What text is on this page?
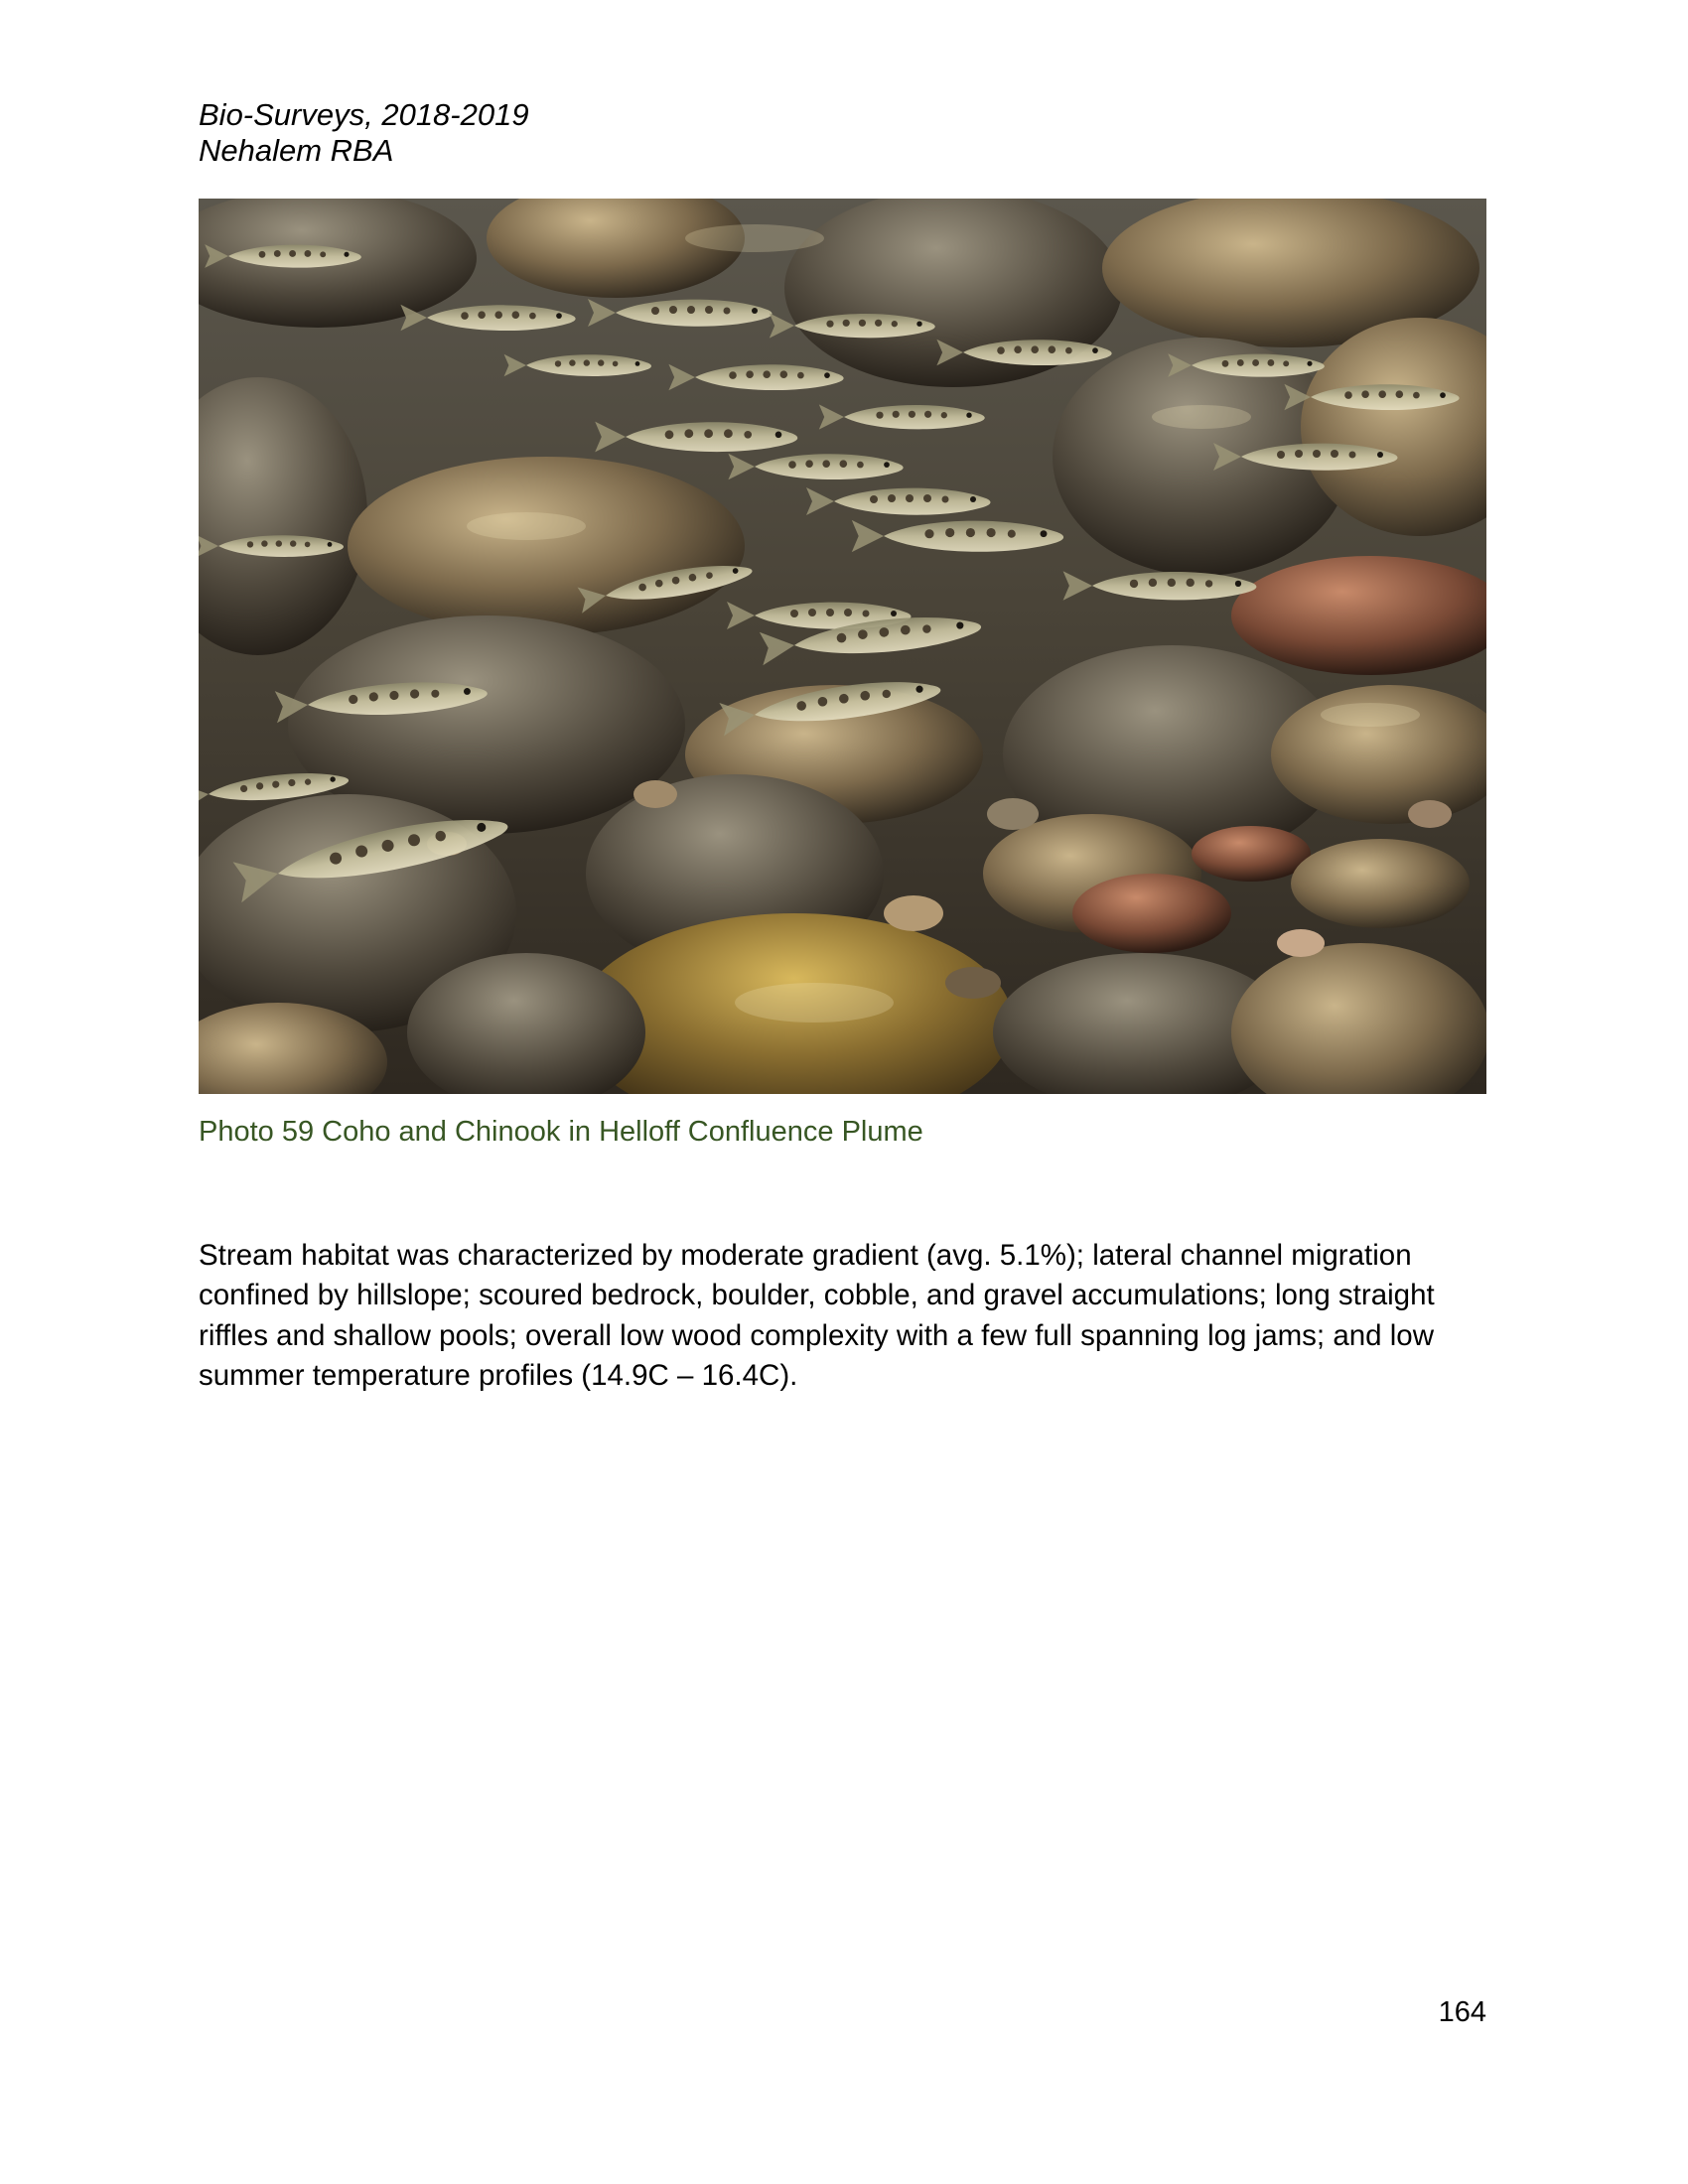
Bio-Surveys, 2018-2019
Nehalem RBA
Photo 59 Coho and Chinook in Helloff Confluence Plume

Stream habitat was characterized by moderate gradient (avg. 5.1%); lateral channel migration confined by hillslope; scoured bedrock, boulder, cobble, and gravel accumulations; long straight riffles and shallow pools; overall low wood complexity with a few full spanning log jams; and low summer temperature profiles (14.9C – 16.4C).

164
